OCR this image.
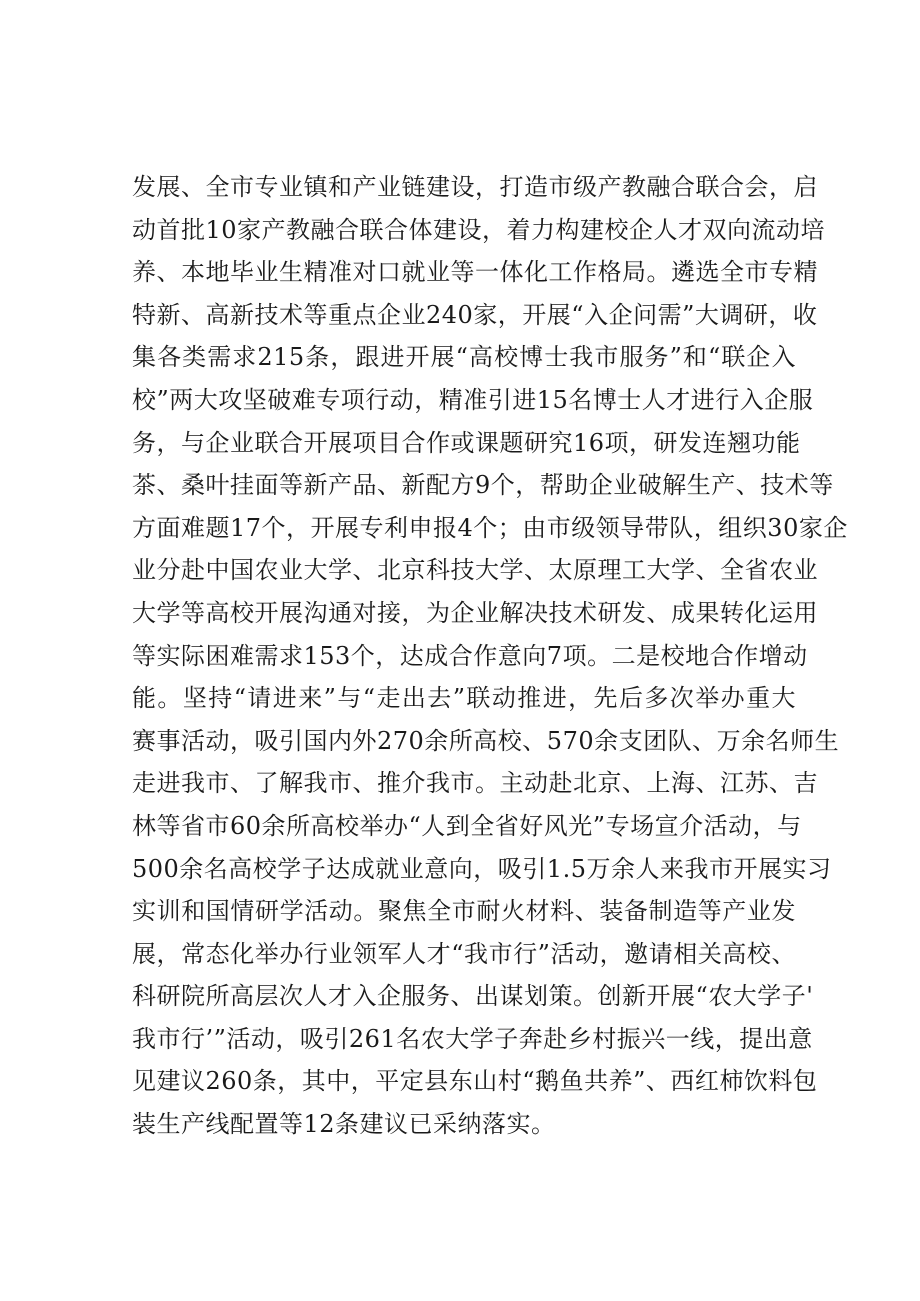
发展、全市专业镇和产业链建设，打造市级产教融合联合会，启
动首批10家产教融合联合体建设，着力构建校企人才双向流动培
养、本地毕业生精准对口就业等一体化工作格局。遴选全市专精
特新、高新技术等重点企业240家，开展“入企问需”大调研，收
集各类需求215条，跟进开展“高校博士我市服务”和“联企入
校”两大攻坚破难专项行动，精准引进15名博士人才进行入企服
务，与企业联合开展项目合作或课题研究16项，研发连翘功能
茶、桑叶挂面等新产品、新配方9个，帮助企业破解生产、技术等
方面难题17个，开展专利申报4个；由市级领导带队，组织30家企
业分赴中国农业大学、北京科技大学、太原理工大学、全省农业
大学等高校开展沟通对接，为企业解决技术研发、成果转化运用
等实际困难需求153个，达成合作意向7项。二是校地合作增动
能。坚持“请进来”与“走出去”联动推进，先后多次举办重大
赛事活动，吸引国内外270余所高校、570余支团队、万余名师生
走进我市、了解我市、推介我市。主动赴北京、上海、江苏、吉
林等省市60余所高校举办“人到全省好风光”专场宣介活动，与
500余名高校学子达成就业意向，吸引1.5万余人来我市开展实习
实训和国情研学活动。聚焦全市耐火材料、装备制造等产业发
展，常态化举办行业领军人才“我市行”活动，邀请相关高校、
科研院所高层次人才入企服务、出谋划策。创新开展“农大学子'
我市行’”活动，吸引261名农大学子奔赴乡村振兴一线，提出意
见建议260条，其中，平定县东山村“鹅鱼共养”、西红柿饮料包
装生产线配置等12条建议已采纳落实。
